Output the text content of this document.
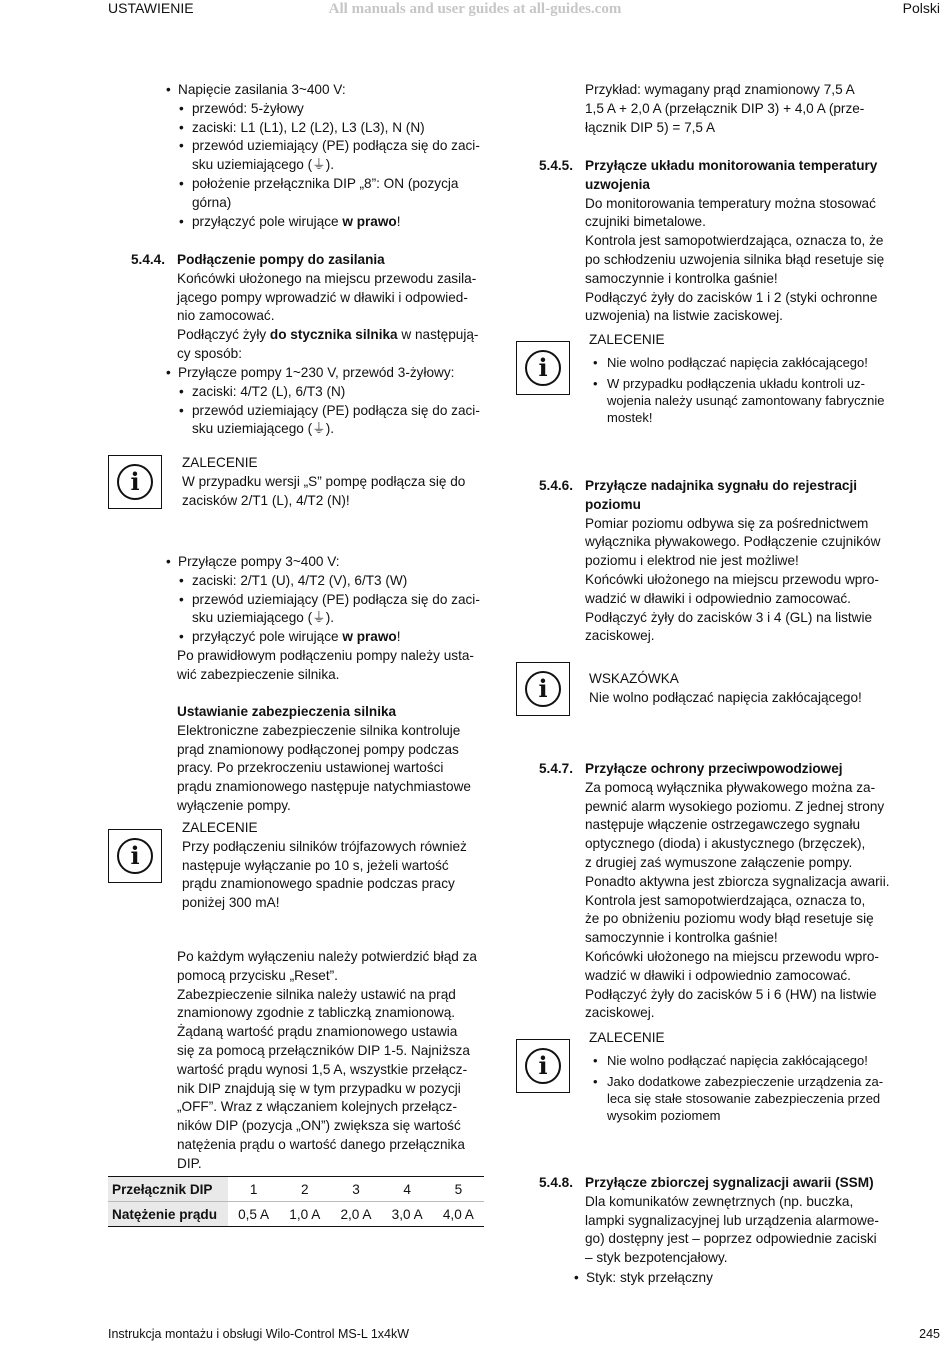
USTAWIENIE	All manuals and user guides at all-guides.com	Polski

• Napięcie zasilania 3~400 V:

• przewód: 5-żyłowy

• zaciski: L1 (L1), L2 (L2), L3 (L3), N (N)

• przewód uziemiający (PE) podłącza się do zaci-

sku uziemiającego (⏚).

• położenie przełącznika DIP „8”: ON (pozycja

górna)

• przyłączyć pole wirujące w prawo!

5.4.4. Podłączenie pompy do zasilania

Końcówki ułożonego na miejscu przewodu zasila-

jącego pompy wprowadzić w dławiki i odpowied-

nio zamocować.

Podłączyć żyły do stycznika silnika w następują-

cy sposób:

• Przyłącze pompy 1~230 V, przewód 3-żyłowy:

• zaciski: 4/T2 (L), 6/T3 (N)

• przewód uziemiający (PE) podłącza się do zaci-

sku uziemiającego (⏚).

i

ZALECENIE

W przypadku wersji „S” pompę podłącza się do

zacisków 2/T1 (L), 4/T2 (N)!

• Przyłącze pompy 3~400 V:

• zaciski: 2/T1 (U), 4/T2 (V), 6/T3 (W)

• przewód uziemiający (PE) podłącza się do zaci-

sku uziemiającego (⏚).

• przyłączyć pole wirujące w prawo!

Po prawidłowym podłączeniu pompy należy usta-

wić zabezpieczenie silnika.

Ustawianie zabezpieczenia silnika

Elektroniczne zabezpieczenie silnika kontroluje

prąd znamionowy podłączonej pompy podczas

pracy. Po przekroczeniu ustawionej wartości

prądu znamionowego następuje natychmiastowe

wyłączenie pompy.

i

ZALECENIE

Przy podłączeniu silników trójfazowych również

następuje wyłączanie po 10 s, jeżeli wartość

prądu znamionowego spadnie podczas pracy

poniżej 300 mA!

Po każdym wyłączeniu należy potwierdzić błąd za

pomocą przycisku „Reset”.

Zabezpieczenie silnika należy ustawić na prąd

znamionowy zgodnie z tabliczką znamionową.

Żądaną wartość prądu znamionowego ustawia

się za pomocą przełączników DIP 1-5. Najniższa

wartość prądu wynosi 1,5 A, wszystkie przełącz-

nik DIP znajdują się w tym przypadku w pozycji

„OFF”. Wraz z włączaniem kolejnych przełącz-

ników DIP (pozycja „ON”) zwiększa się wartość

natężenia prądu o wartość danego przełącznika

DIP.

Przełącznik DIP	1	2	3	4	5
Natężenie prądu	0,5 A	1,0 A	2,0 A	3,0 A	4,0 A

Przykład: wymagany prąd znamionowy 7,5 A

1,5 A + 2,0 A (przełącznik DIP 3) + 4,0 A (prze-

łącznik DIP 5) = 7,5 A

5.4.5. Przyłącze układu monitorowania temperatury

uzwojenia

Do monitorowania temperatury można stosować

czujniki bimetalowe.

Kontrola jest samopotwierdzająca, oznacza to, że

po schłodzeniu uzwojenia silnika błąd resetuje się

samoczynnie i kontrolka gaśnie!

Podłączyć żyły do zacisków 1 i 2 (styki ochronne

uzwojenia) na listwie zaciskowej.

i

ZALECENIE

• Nie wolno podłączać napięcia zakłócającego!

• W przypadku podłączenia układu kontroli uz-
wojenia należy usunąć zamontowany fabrycznie
mostek!

5.4.6. Przyłącze nadajnika sygnału do rejestracji

poziomu

Pomiar poziomu odbywa się za pośrednictwem

wyłącznika pływakowego. Podłączenie czujników

poziomu i elektrod nie jest możliwe!

Końcówki ułożonego na miejscu przewodu wpro-

wadzić w dławiki i odpowiednio zamocować.

Podłączyć żyły do zacisków 3 i 4 (GL) na listwie

zaciskowej.

i	WSKAZÓWKA

Nie wolno podłączać napięcia zakłócającego!

5.4.7. Przyłącze ochrony przeciwpowodziowej

Za pomocą wyłącznika pływakowego można za-

pewnić alarm wysokiego poziomu. Z jednej strony

następuje włączenie ostrzegawczego sygnału

optycznego (dioda) i akustycznego (brzęczek),

z drugiej zaś wymuszone załączenie pompy.

Ponadto aktywna jest zbiorcza sygnalizacja awarii.

Kontrola jest samopotwierdzająca, oznacza to,

że po obniżeniu poziomu wody błąd resetuje się

samoczynnie i kontrolka gaśnie!

Końcówki ułożonego na miejscu przewodu wpro-

wadzić w dławiki i odpowiednio zamocować.

Podłączyć żyły do zacisków 5 i 6 (HW) na listwie

zaciskowej.

i

ZALECENIE

• Nie wolno podłączać napięcia zakłócającego!

• Jako dodatkowe zabezpieczenie urządzenia za-
leca się stałe stosowanie zabezpieczenia przed
wysokim poziomem

5.4.8. Przyłącze zbiorczej sygnalizacji awarii (SSM)

Dla komunikatów zewnętrznych (np. buczka,

lampki sygnalizacyjnej lub urządzenia alarmowe-

go) dostępny jest – poprzez odpowiednie zaciski

– styk bezpotencjałowy.

• Styk: styk przełączny

Instrukcja montażu i obsługi Wilo-Control MS-L 1x4kW	245
